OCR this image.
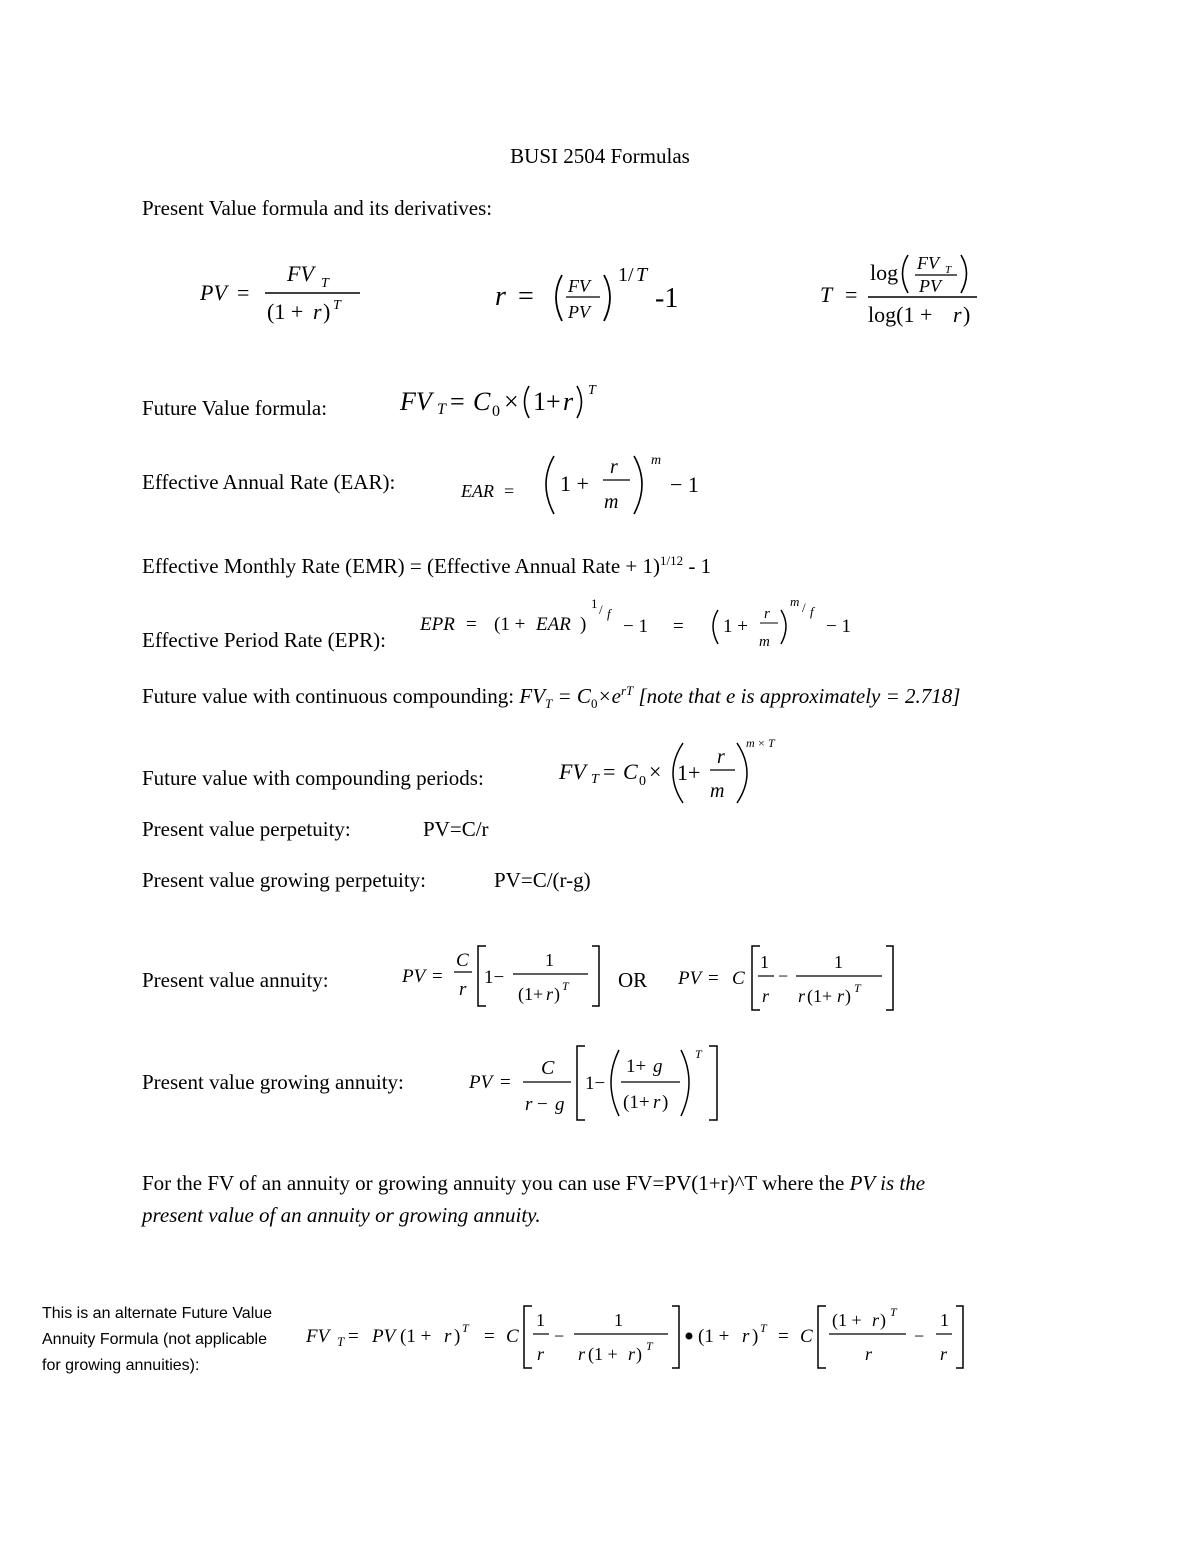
BUSI 2504 Formulas
Present Value formula and its derivatives:
PV =
FV T
(1 + r ) T	r = FV
PV
1/ T
-1	T =
log FV T
PV
log(1 + r )
Future Value formula:	FV T = C 0 × 1+ r T
Effective Annual Rate (EAR):	EAR = 1 +
r
m
m
− 1
Effective Monthly Rate (EMR) = (Effective Annual Rate + 1)$^{1/12}$ - 1
Effective Period Rate (EPR):
EPR = (1 + EAR )
1 / f
− 1 = 1 +
r
m
m / f
− 1
Future value with continuous compounding: $FV_T = C_0\times e^{rT}$ [note that e is approximately = 2.718]
Future value with compounding periods:	FV T = C 0 × 1+
r
m
m × T
Present value perpetuity:	PV=C/r
Present value growing perpetuity:	PV=C/(r-g)
Present value annuity:	PV =
C
r
1−
1
(1+ r ) T OR PV = C
1
r
−
1
r (1+ r ) T
Present value growing annuity:	PV =
C
r − g
1−
1+ g
(1+ r )
T
For the FV of an annuity or growing annuity you can use FV=PV(1+r)^T where the PV is the
present value of an annuity or growing annuity.
This is an alternate Future Value Annuity Formula (not applicable for growing annuities):
FV T = PV (1 + r ) T = C
1
r
−
1
r (1 + r ) T (1 + r ) T = C
(1 + r ) T
r
−
1
r
